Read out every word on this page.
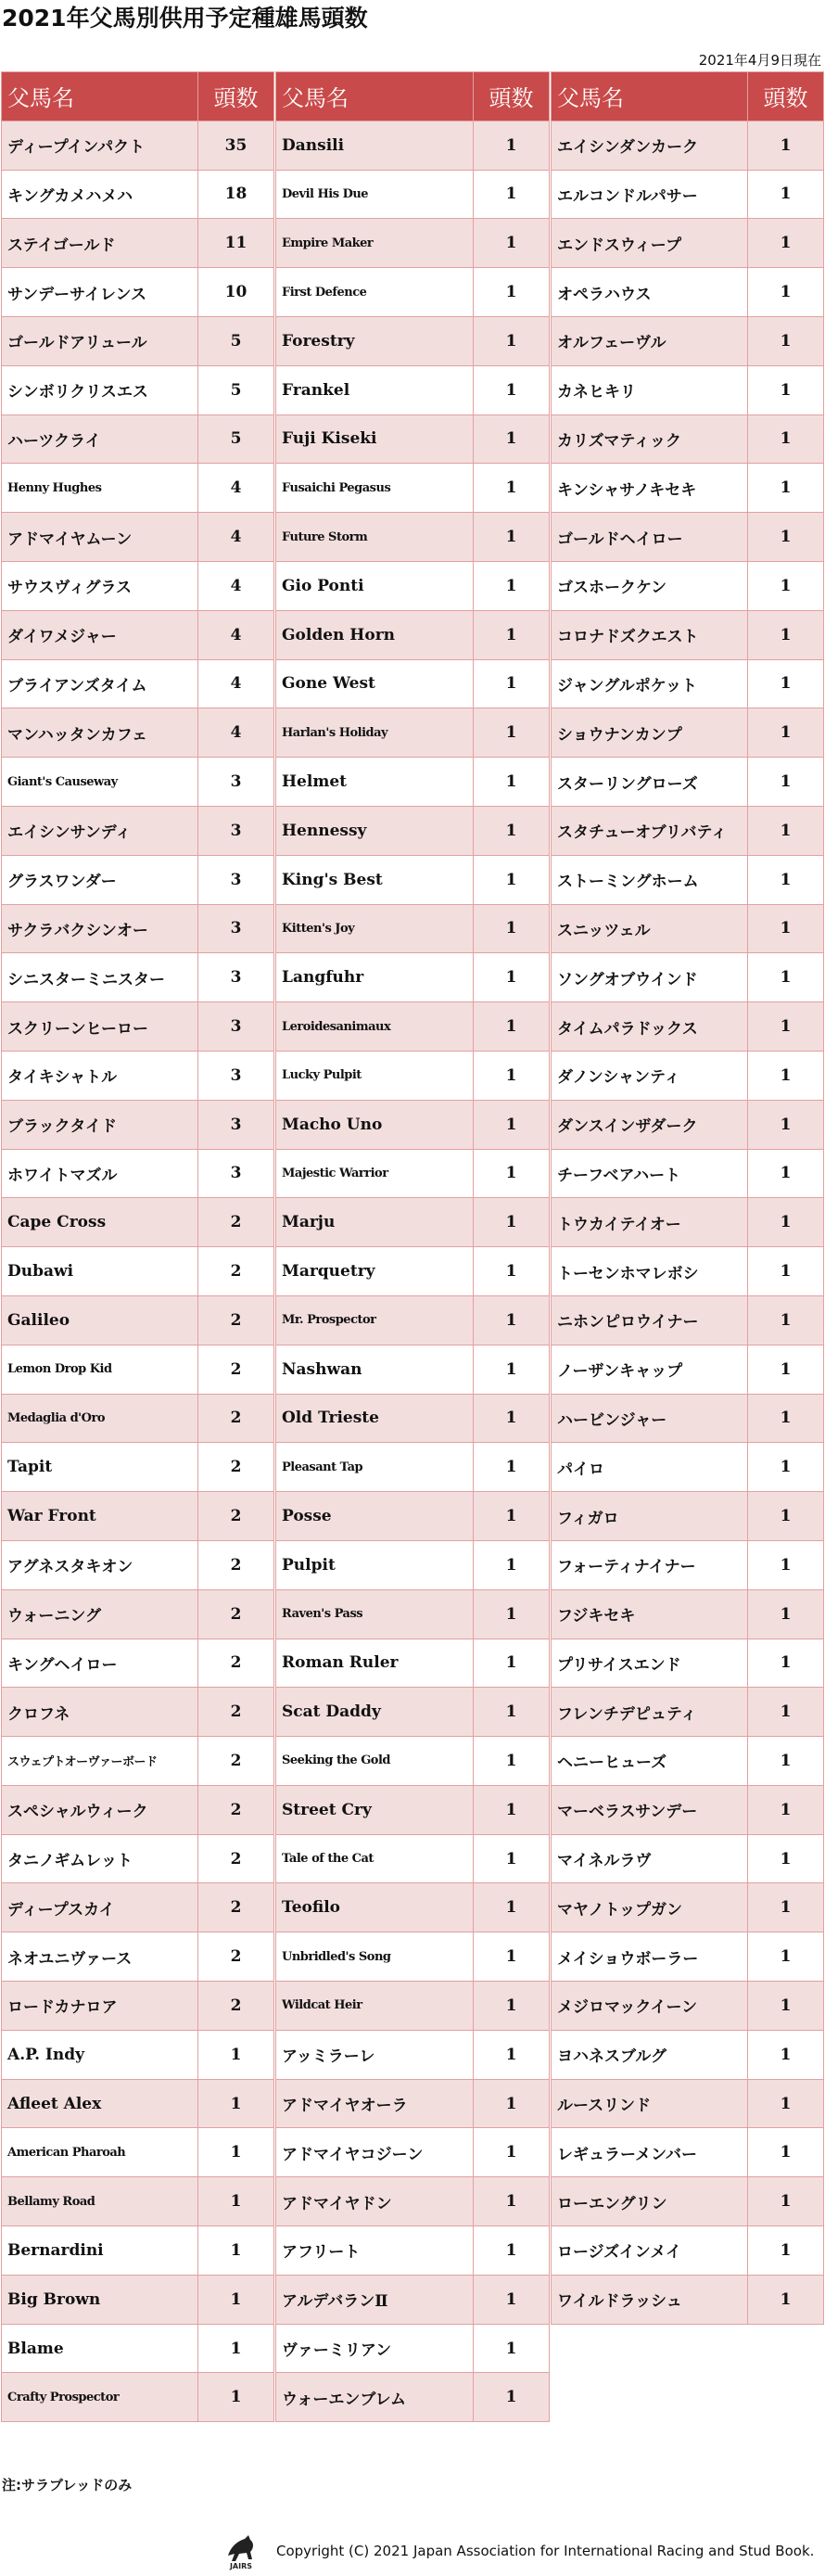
2021年父馬別供用予定種雄馬頭数
2021年4月9日現在
父馬名	頭数
ディープインパクト	35
キングカメハメハ	18
ステイゴールド	11
サンデーサイレンス	10
ゴールドアリュール	5
シンボリクリスエス	5
ハーツクライ	5
Henny Hughes	4
アドマイヤムーン	4
サウスヴィグラス	4
ダイワメジャー	4
ブライアンズタイム	4
マンハッタンカフェ	4
Giant's Causeway	3
エイシンサンディ	3
グラスワンダー	3
サクラバクシンオー	3
シニスターミニスター	3
スクリーンヒーロー	3
タイキシャトル	3
ブラックタイド	3
ホワイトマズル	3
Cape Cross	2
Dubawi	2
Galileo	2
Lemon Drop Kid	2
Medaglia d'Oro	2
Tapit	2
War Front	2
アグネスタキオン	2
ウォーニング	2
キングヘイロー	2
クロフネ	2
スウェプトオーヴァーボード	2
スペシャルウィーク	2
タニノギムレット	2
ディープスカイ	2
ネオユニヴァース	2
ロードカナロア	2
A.P. Indy	1
Afleet Alex	1
American Pharoah	1
Bellamy Road	1
Bernardini	1
Big Brown	1
Blame	1
Crafty Prospector	1
父馬名	頭数
Dansili	1
Devil His Due	1
Empire Maker	1
First Defence	1
Forestry	1
Frankel	1
Fuji Kiseki	1
Fusaichi Pegasus	1
Future Storm	1
Gio Ponti	1
Golden Horn	1
Gone West	1
Harlan's Holiday	1
Helmet	1
Hennessy	1
King's Best	1
Kitten's Joy	1
Langfuhr	1
Leroidesanimaux	1
Lucky Pulpit	1
Macho Uno	1
Majestic Warrior	1
Marju	1
Marquetry	1
Mr. Prospector	1
Nashwan	1
Old Trieste	1
Pleasant Tap	1
Posse	1
Pulpit	1
Raven's Pass	1
Roman Ruler	1
Scat Daddy	1
Seeking the Gold	1
Street Cry	1
Tale of the Cat	1
Teofilo	1
Unbridled's Song	1
Wildcat Heir	1
アッミラーレ	1
アドマイヤオーラ	1
アドマイヤコジーン	1
アドマイヤドン	1
アフリート	1
アルデバランⅡ	1
ヴァーミリアン	1
ウォーエンブレム	1
父馬名	頭数
エイシンダンカーク	1
エルコンドルパサー	1
エンドスウィープ	1
オペラハウス	1
オルフェーヴル	1
カネヒキリ	1
カリズマティック	1
キンシャサノキセキ	1
ゴールドヘイロー	1
ゴスホークケン	1
コロナドズクエスト	1
ジャングルポケット	1
ショウナンカンプ	1
スターリングローズ	1
スタチューオブリバティ	1
ストーミングホーム	1
スニッツェル	1
ソングオブウインド	1
タイムパラドックス	1
ダノンシャンティ	1
ダンスインザダーク	1
チーフベアハート	1
トウカイテイオー	1
トーセンホマレボシ	1
ニホンピロウイナー	1
ノーザンキャップ	1
ハービンジャー	1
パイロ	1
フィガロ	1
フォーティナイナー	1
フジキセキ	1
プリサイスエンド	1
フレンチデピュティ	1
ヘニーヒューズ	1
マーベラスサンデー	1
マイネルラヴ	1
マヤノトップガン	1
メイショウボーラー	1
メジロマックイーン	1
ヨハネスブルグ	1
ルースリンド	1
レギュラーメンバー	1
ローエングリン	1
ロージズインメイ	1
ワイルドラッシュ	1
注:サラブレッドのみ
JAIRS
Copyright (C) 2021 Japan Association for International Racing and Stud Book.
